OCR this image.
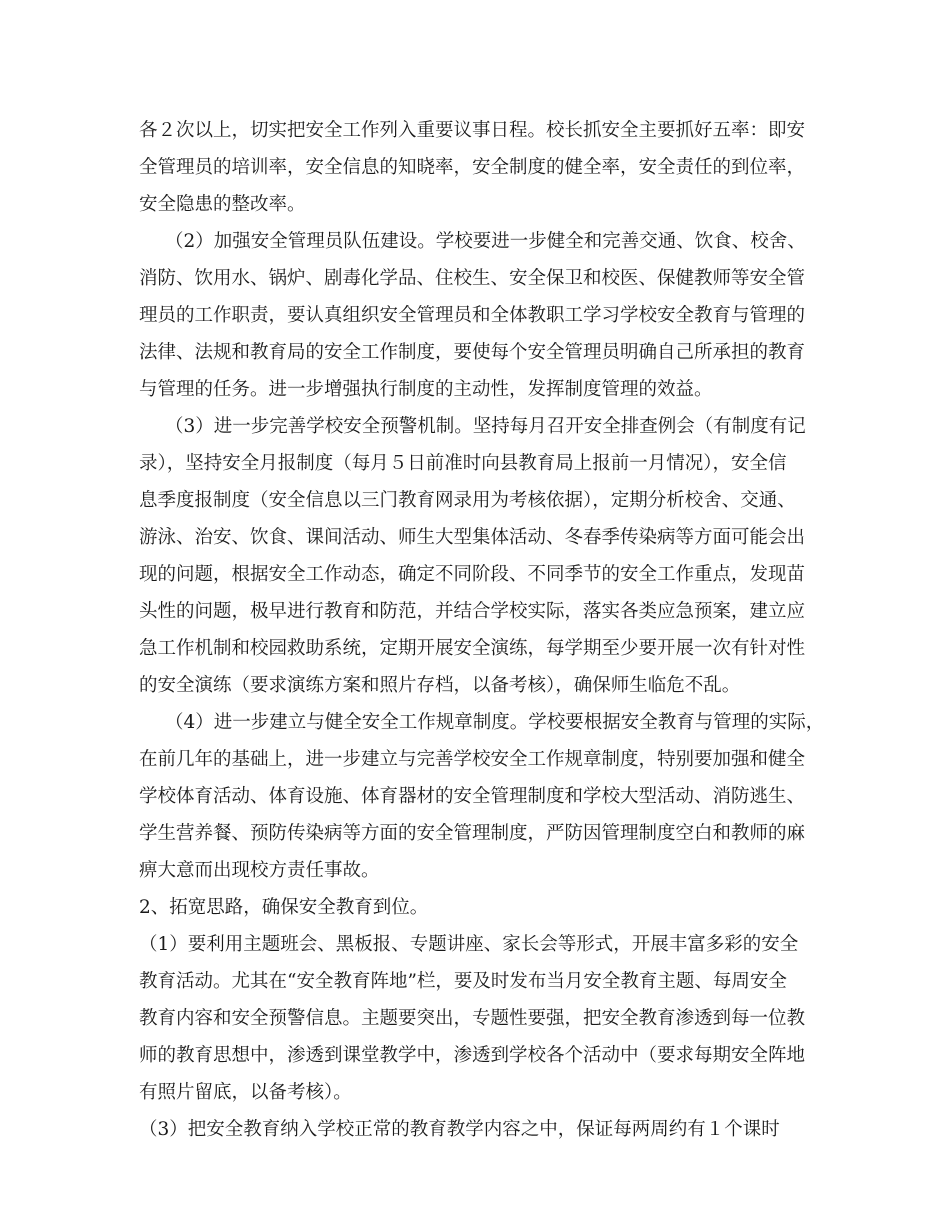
各２次以上，切实把安全工作列入重要议事日程。校长抓安全主要抓好五率：即安
全管理员的培训率，安全信息的知晓率，安全制度的健全率，安全责任的到位率，
安全隐患的整改率。
（2）加强安全管理员队伍建设。学校要进一步健全和完善交通、饮食、校舍、
消防、饮用水、锅炉、剧毒化学品、住校生、安全保卫和校医、保健教师等安全管
理员的工作职责，要认真组织安全管理员和全体教职工学习学校安全教育与管理的
法律、法规和教育局的安全工作制度，要使每个安全管理员明确自己所承担的教育
与管理的任务。进一步增强执行制度的主动性，发挥制度管理的效益。
（3）进一步完善学校安全预警机制。坚持每月召开安全排查例会（有制度有记
录），坚持安全月报制度（每月５日前准时向县教育局上报前一月情况），安全信
息季度报制度（安全信息以三门教育网录用为考核依据），定期分析校舍、交通、
游泳、治安、饮食、课间活动、师生大型集体活动、冬春季传染病等方面可能会出
现的问题，根据安全工作动态，确定不同阶段、不同季节的安全工作重点，发现苗
头性的问题，极早进行教育和防范，并结合学校实际，落实各类应急预案，建立应
急工作机制和校园救助系统，定期开展安全演练，每学期至少要开展一次有针对性
的安全演练（要求演练方案和照片存档，以备考核），确保师生临危不乱。
（4）进一步建立与健全安全工作规章制度。学校要根据安全教育与管理的实际，
在前几年的基础上，进一步建立与完善学校安全工作规章制度，特别要加强和健全
学校体育活动、体育设施、体育器材的安全管理制度和学校大型活动、消防逃生、
学生营养餐、预防传染病等方面的安全管理制度，严防因管理制度空白和教师的麻
痹大意而出现校方责任事故。
2、拓宽思路，确保安全教育到位。
（1）要利用主题班会、黑板报、专题讲座、家长会等形式，开展丰富多彩的安全
教育活动。尤其在“安全教育阵地”栏，要及时发布当月安全教育主题、每周安全
教育内容和安全预警信息。主题要突出，专题性要强，把安全教育渗透到每一位教
师的教育思想中，渗透到课堂教学中，渗透到学校各个活动中（要求每期安全阵地
有照片留底，以备考核）。
（3）把安全教育纳入学校正常的教育教学内容之中，保证每两周约有１个课时
